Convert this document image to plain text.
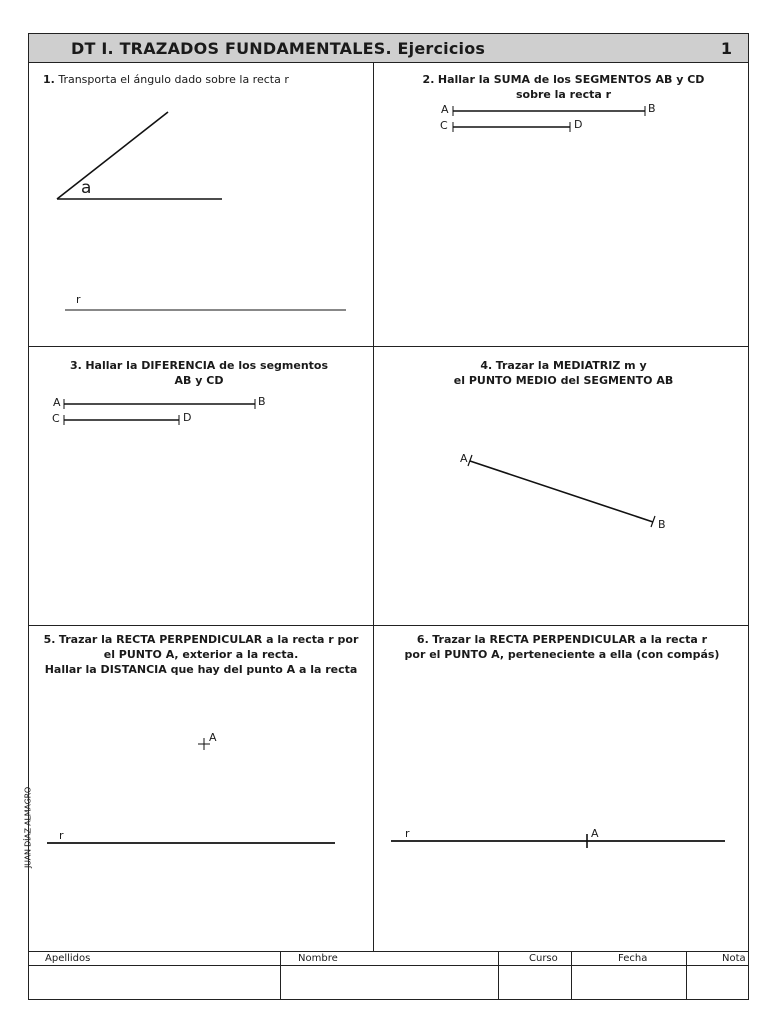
JUAN DÍAZ ALMAGRO
DT I. TRAZADOS FUNDAMENTALES. Ejercicios	1
1. Transporta el ángulo dado sobre la recta r	2. Hallar la SUMA de los SEGMENTOS AB y CD
sobre la recta r
3. Hallar la DIFERENCIA de los segmentos
AB y CD
4. Trazar la MEDIATRIZ m y
el PUNTO MEDIO del SEGMENTO AB
5. Trazar la RECTA PERPENDICULAR a la recta r por
el PUNTO A, exterior a la recta.
Hallar la DISTANCIA que hay del punto A a la recta
6. Trazar la RECTA PERPENDICULAR a la recta r
por el PUNTO A, perteneciente a ella (con compás)
a
r
A	B
C	D
A	B
C	D
A
B
A
r	A
r
Apellidos	Nombre	Curso	Fecha	Nota
